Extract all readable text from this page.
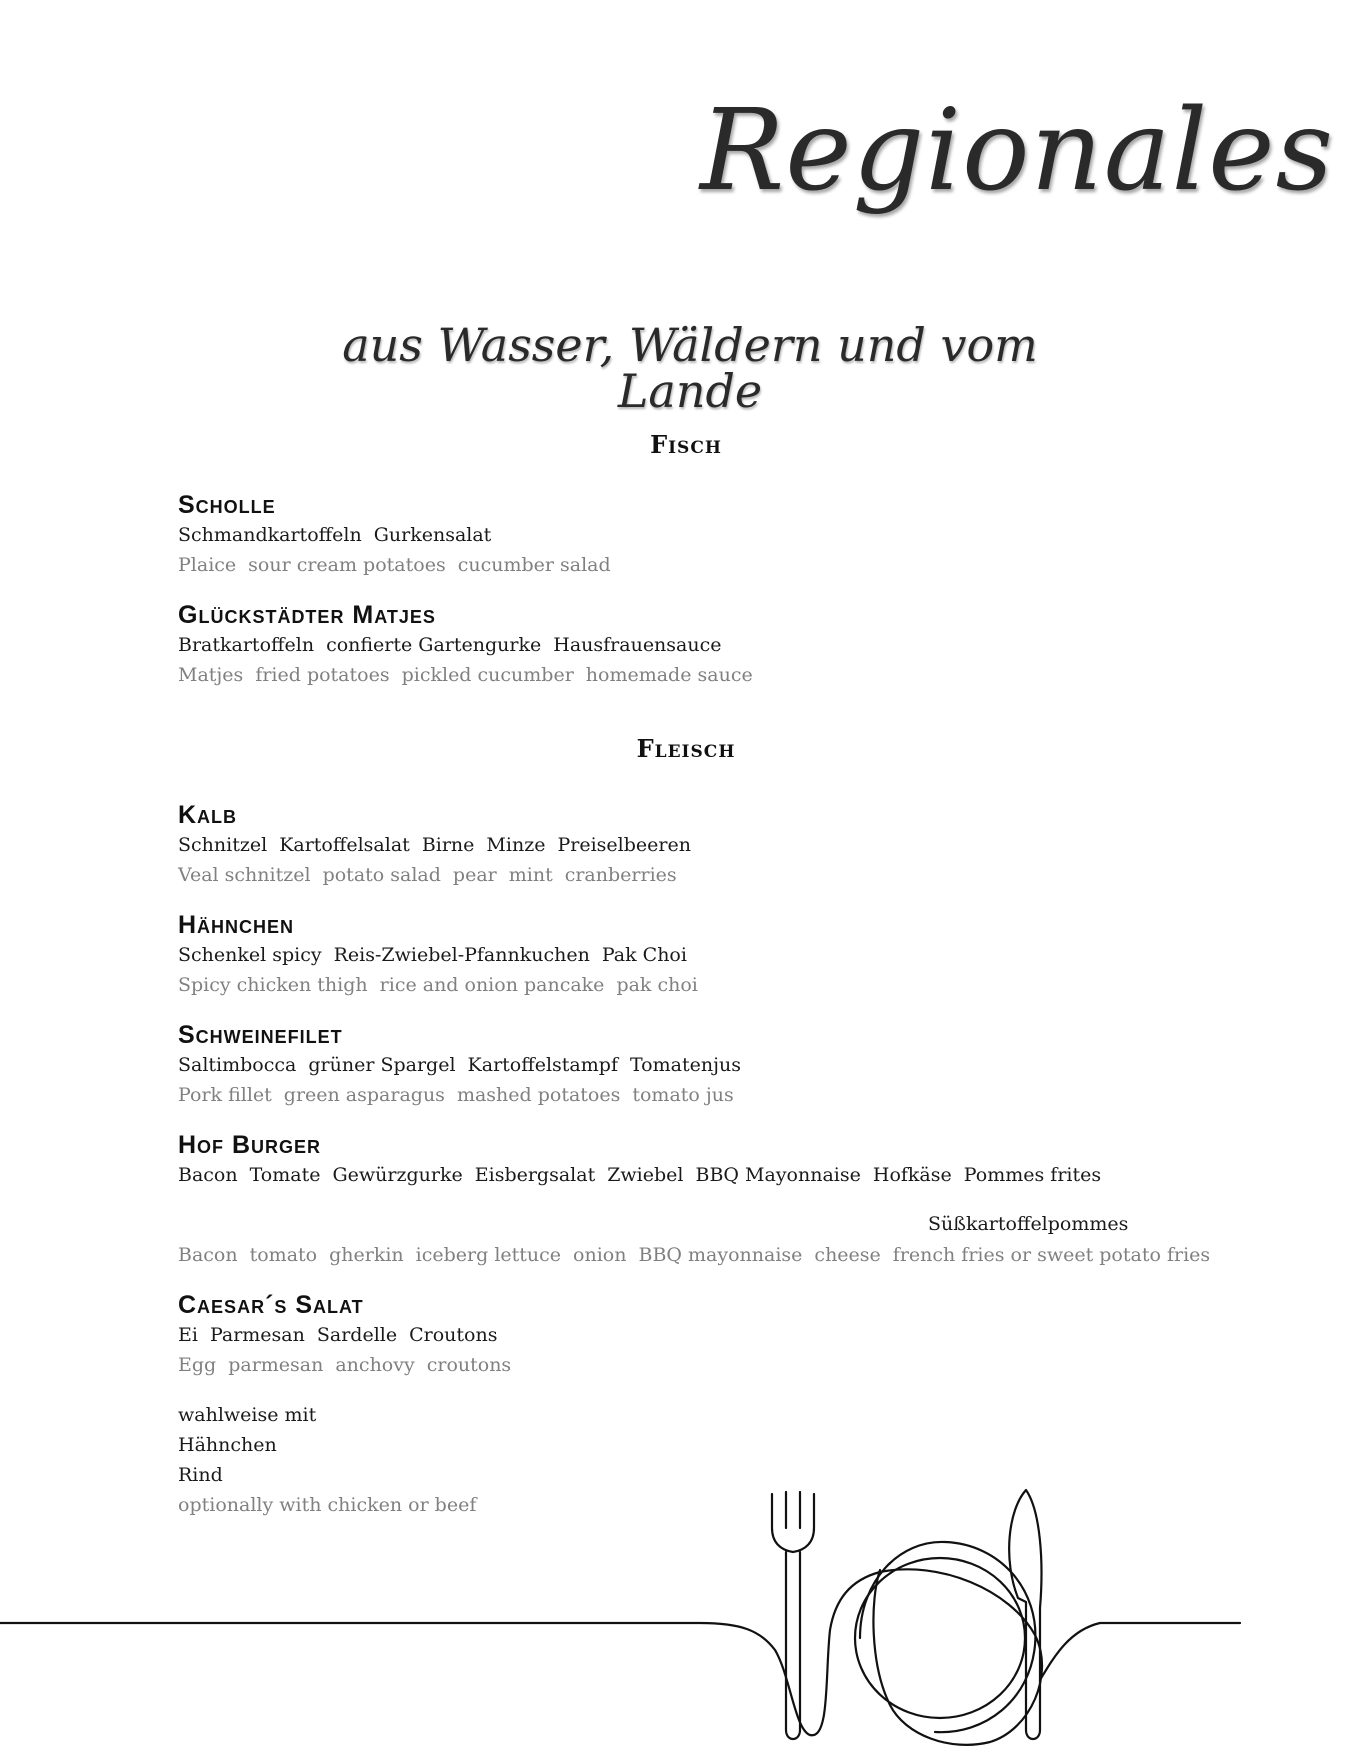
Regionales
aus Wasser, Wäldern und vom Lande
Fisch
Scholle
Schmandkartoffeln Gurkensalat
Plaice sour cream potatoes cucumber salad
Glückstädter Matjes
Bratkartoffeln confierte Gartengurke Hausfrauensauce
Matjes fried potatoes pickled cucumber homemade sauce
Fleisch
Kalb
Schnitzel Kartoffelsalat Birne Minze Preiselbeeren
Veal schnitzel potato salad pear mint cranberries
Hähnchen
Schenkel spicy Reis-Zwiebel-Pfannkuchen Pak Choi
Spicy chicken thigh rice and onion pancake pak choi
Schweinefilet
Saltimbocca grüner Spargel Kartoffelstampf Tomatenjus
Pork fillet green asparagus mashed potatoes tomato jus
Hof Burger
Bacon Tomate Gewürzgurke Eisbergsalat Zwiebel BBQ Mayonnaise Hofkäse Pommes frites
Süßkartoffelpommes
Bacon tomato gherkin iceberg lettuce onion BBQ mayonnaise cheese french fries or sweet potato fries
Caesar´s Salat
Ei Parmesan Sardelle Croutons
Egg parmesan anchovy croutons
wahlweise mit
Hähnchen
Rind
optionally with chicken or beef
